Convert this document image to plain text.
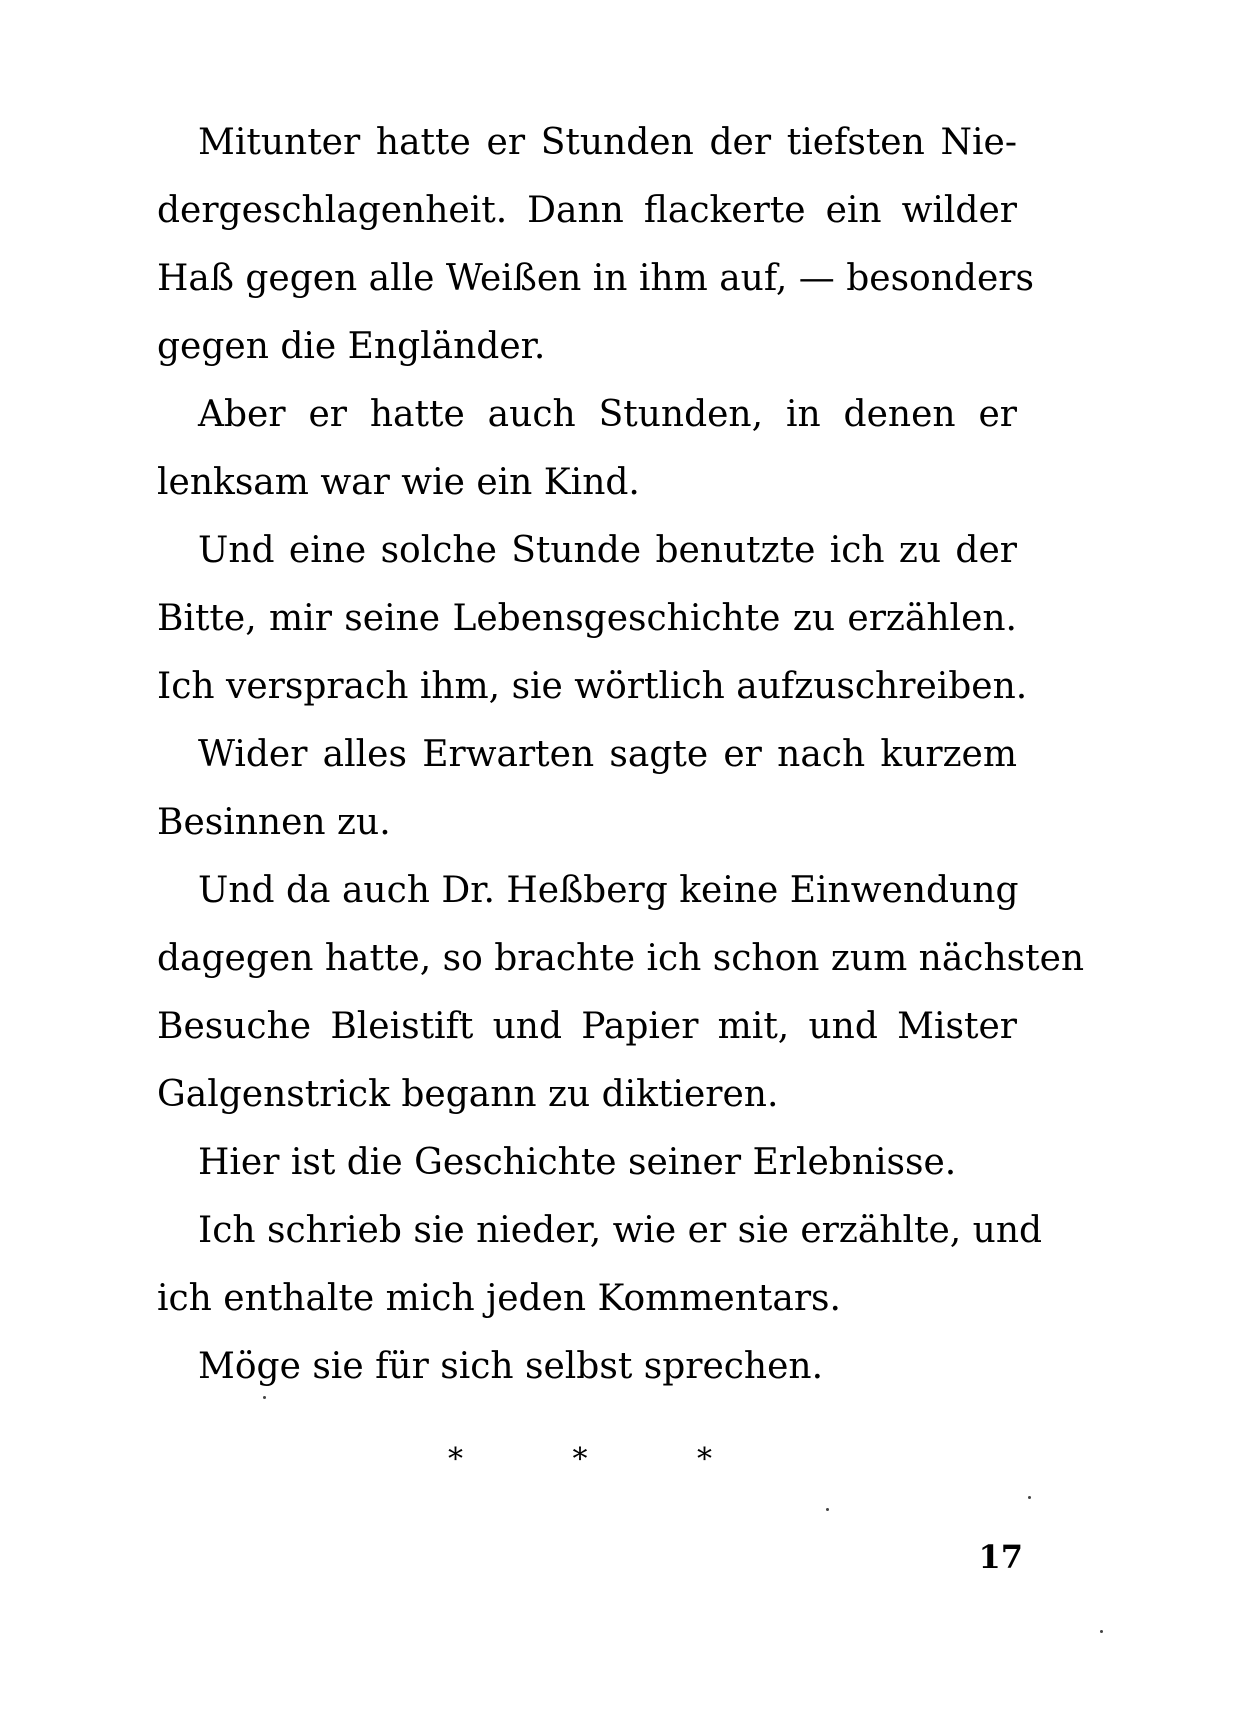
Mitunter hatte er Stunden der tiefsten Nie-
dergeschlagenheit. Dann flackerte ein wilder
Haß gegen alle Weißen in ihm auf, — besonders
gegen die Engländer.
Aber er hatte auch Stunden, in denen er
lenksam war wie ein Kind.
Und eine solche Stunde benutzte ich zu der
Bitte, mir seine Lebensgeschichte zu erzählen.
Ich versprach ihm, sie wörtlich aufzuschreiben.
Wider alles Erwarten sagte er nach kurzem
Besinnen zu.
Und da auch Dr. Heßberg keine Einwendung
dagegen hatte, so brachte ich schon zum nächsten
Besuche Bleistift und Papier mit, und Mister
Galgenstrick begann zu diktieren.
Hier ist die Geschichte seiner Erlebnisse.
Ich schrieb sie nieder, wie er sie erzählte, und
ich enthalte mich jeden Kommentars.
Möge sie für sich selbst sprechen.
* * *
17
